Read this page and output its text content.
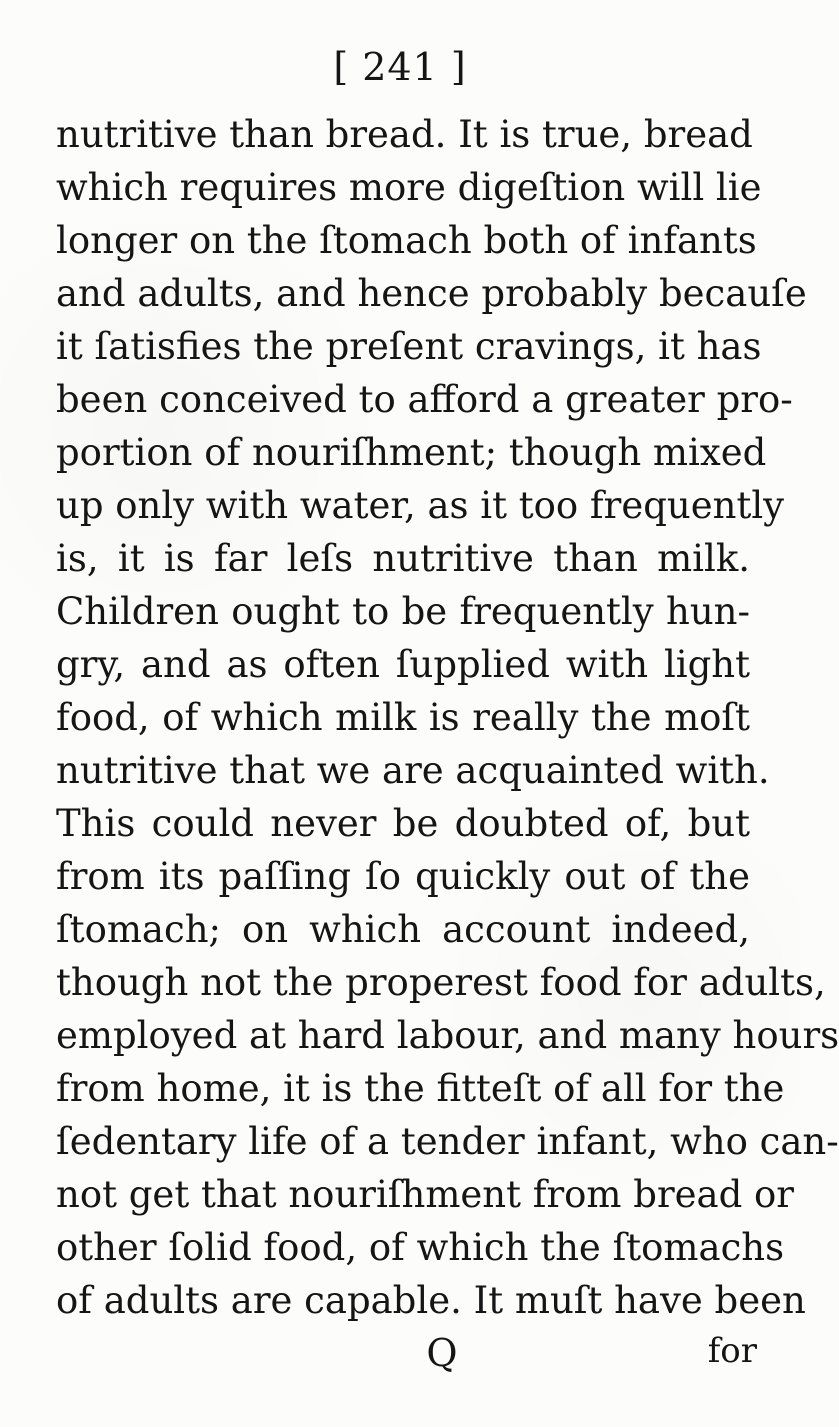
[ 241 ]
nutritive than bread. It is true, bread
which requires more digeſtion will lie
longer on the ſtomach both of infants
and adults, and hence probably becauſe
it ſatisfies the preſent cravings, it has
been conceived to afford a greater pro-
portion of nouriſhment; though mixed
up only with water, as it too frequently
is, it is far leſs nutritive than milk.
Children ought to be frequently hun-
gry, and as often ſupplied with light
food, of which milk is really the moſt
nutritive that we are acquainted with.
This could never be doubted of, but
from its paſſing ſo quickly out of the
ſtomach; on which account indeed,
though not the properest food for adults,
employed at hard labour, and many hours
from home, it is the fitteſt of all for the
ſedentary life of a tender infant, who can-
not get that nouriſhment from bread or
other ſolid food, of which the ſtomachs
of adults are capable. It muſt have been
Q	for
